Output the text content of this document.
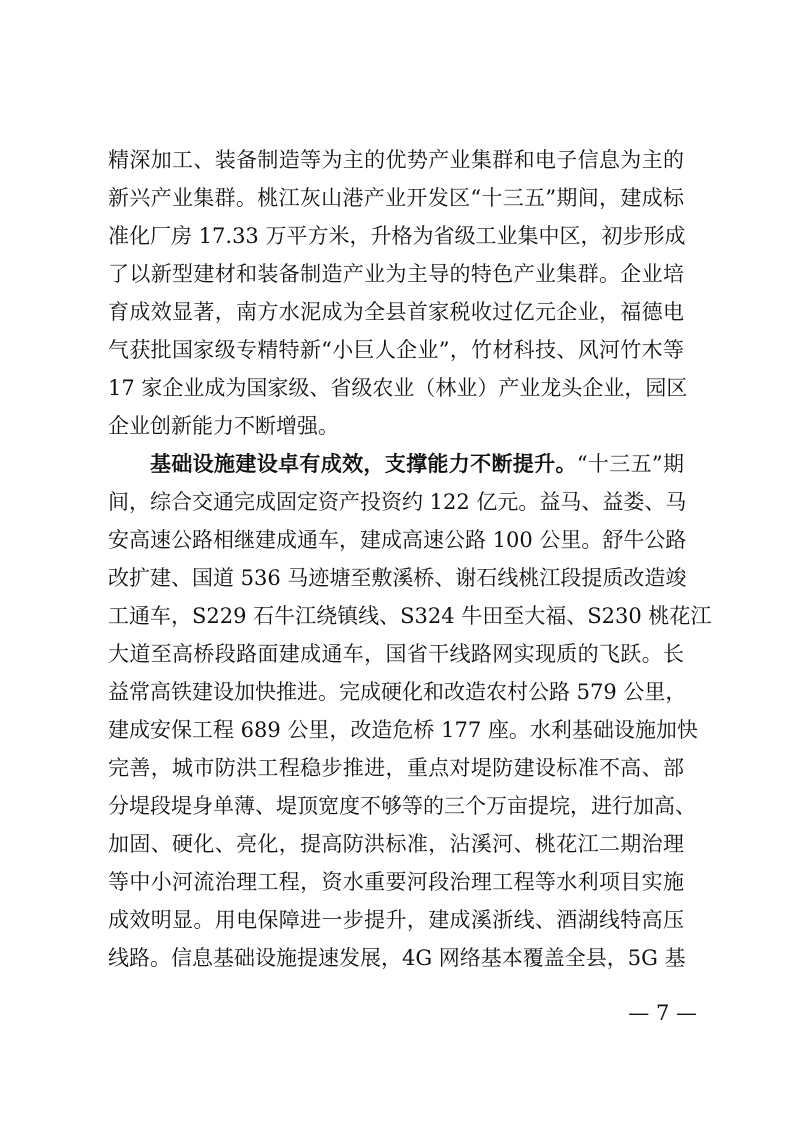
精深加工、装备制造等为主的优势产业集群和电子信息为主的
新兴产业集群。桃江灰山港产业开发区“十三五”期间，建成标
准化厂房 17.33 万平方米，升格为省级工业集中区，初步形成
了以新型建材和装备制造产业为主导的特色产业集群。企业培
育成效显著，南方水泥成为全县首家税收过亿元企业，福德电
气获批国家级专精特新“小巨人企业”，竹材科技、风河竹木等
17 家企业成为国家级、省级农业（林业）产业龙头企业，园区
企业创新能力不断增强。
基础设施建设卓有成效，支撑能力不断提升。“十三五”期
间，综合交通完成固定资产投资约 122 亿元。益马、益娄、马
安高速公路相继建成通车，建成高速公路 100 公里。舒牛公路
改扩建、国道 536 马迹塘至敷溪桥、谢石线桃江段提质改造竣
工通车，S229 石牛江绕镇线、S324 牛田至大福、S230 桃花江
大道至高桥段路面建成通车，国省干线路网实现质的飞跃。长
益常高铁建设加快推进。完成硬化和改造农村公路 579 公里，
建成安保工程 689 公里，改造危桥 177 座。水利基础设施加快
完善，城市防洪工程稳步推进，重点对堤防建设标准不高、部
分堤段堤身单薄、堤顶宽度不够等的三个万亩提垸，进行加高、
加固、硬化、亮化，提高防洪标准，沾溪河、桃花江二期治理
等中小河流治理工程，资水重要河段治理工程等水利项目实施
成效明显。用电保障进一步提升，建成溪浙线、酒湖线特高压
线路。信息基础设施提速发展，4G 网络基本覆盖全县，5G 基
— 7 —
